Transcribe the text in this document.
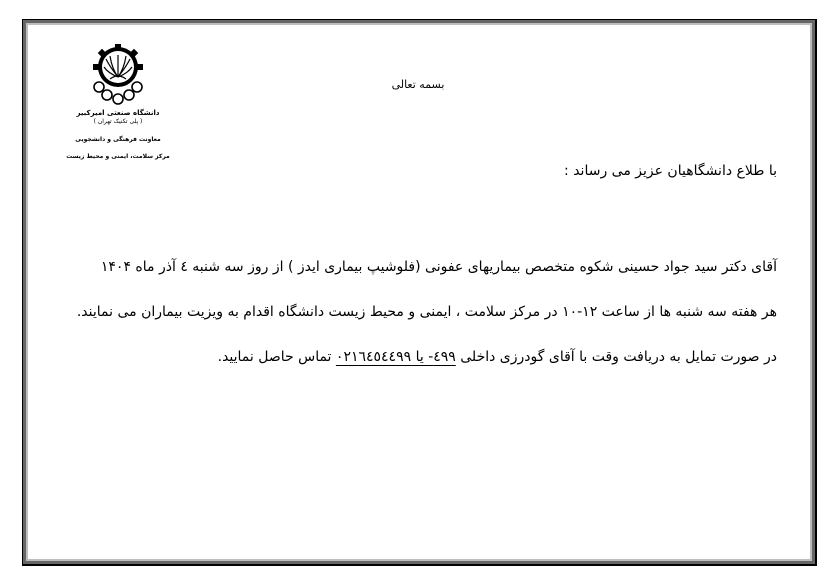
دانشگاه صنعتی امیرکبیر
( پلی تکنیک تهران )
معاونت فرهنگی و دانشجویی
مرکز سلامت، ایمنی و محیط زیست
بسمه تعالی
با طلاع دانشگاهیان عزیز می رساند :
آقای دکتر سید جواد حسینی شکوه متخصص بیماریهای عفونی (فلوشیپ بیماری ایدز ) از روز سه شنبه ٤ آذر ماه ۱۴۰۴
هر هفته سه شنبه ها از ساعت ۱۲-۱۰ در مرکز سلامت ، ایمنی و محیط زیست دانشگاه اقدام به ویزیت بیماران می نمایند.
در صورت تمایل به دریافت وقت با آقای گودرزی داخلی ٤٩٩- یا ٠٢١٦٤٥٤٤٩٩ تماس حاصل نمایید.
